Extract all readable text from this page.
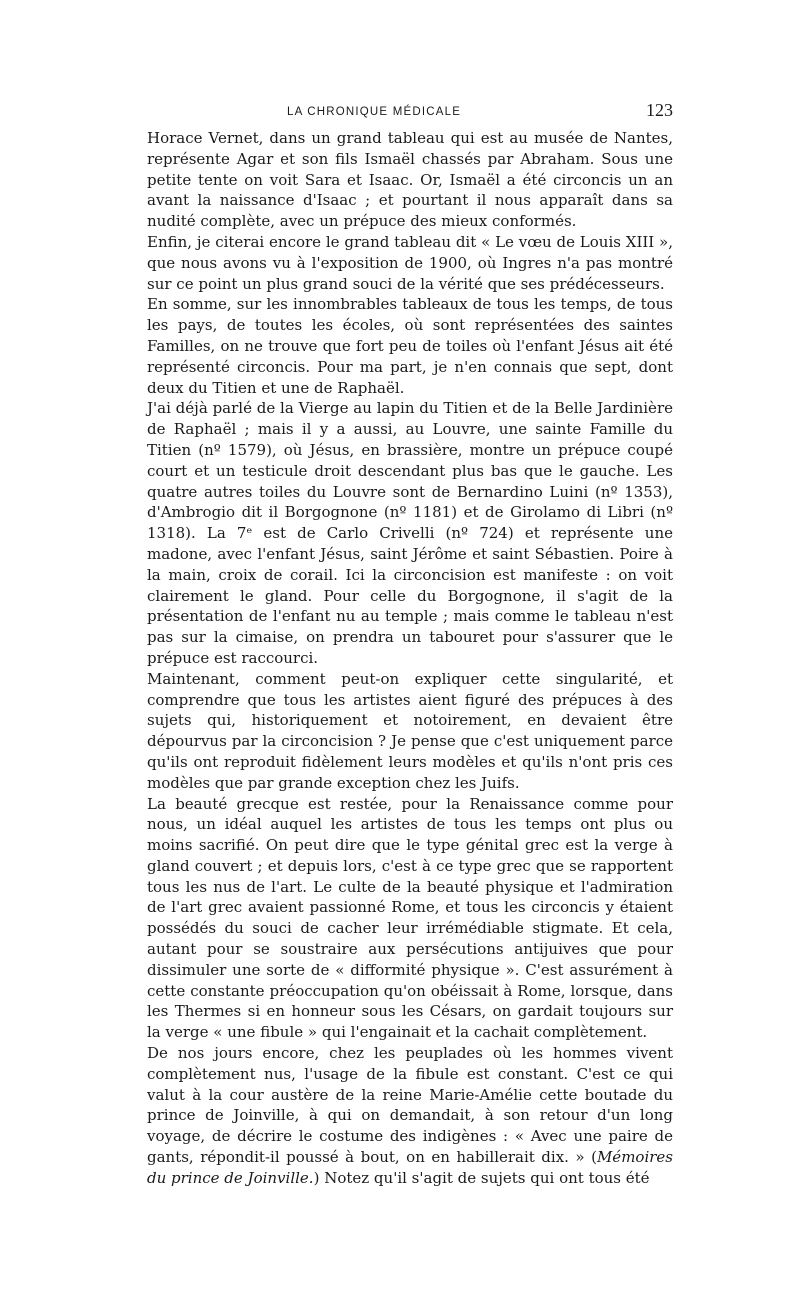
LA CHRONIQUE MÉDICALE	123

Horace Vernet, dans un grand tableau qui est au musée de Nantes, représente Agar et son fils Ismaël chassés par Abraham. Sous une petite tente on voit Sara et Isaac. Or, Ismaël a été circoncis un an avant la naissance d'Isaac ; et pourtant il nous apparaît dans sa nudité complète, avec un prépuce des mieux conformés.

Enfin, je citerai encore le grand tableau dit « Le vœu de Louis XIII », que nous avons vu à l'exposition de 1900, où Ingres n'a pas montré sur ce point un plus grand souci de la vérité que ses prédécesseurs.

En somme, sur les innombrables tableaux de tous les temps, de tous les pays, de toutes les écoles, où sont représentées des saintes Familles, on ne trouve que fort peu de toiles où l'enfant Jésus ait été représenté circoncis. Pour ma part, je n'en connais que sept, dont deux du Titien et une de Raphaël.

J'ai déjà parlé de la Vierge au lapin du Titien et de la Belle Jardinière de Raphaël ; mais il y a aussi, au Louvre, une sainte Famille du Titien (nº 1579), où Jésus, en brassière, montre un prépuce coupé court et un testicule droit descendant plus bas que le gauche. Les quatre autres toiles du Louvre sont de Bernardino Luini (nº 1353), d'Ambrogio dit il Borgognone (nº 1181) et de Girolamo di Libri (nº 1318). La 7ᵉ est de Carlo Crivelli (nº 724) et représente une madone, avec l'enfant Jésus, saint Jérôme et saint Sébastien. Poire à la main, croix de corail. Ici la circoncision est manifeste : on voit clairement le gland. Pour celle du Borgognone, il s'agit de la présentation de l'enfant nu au temple ; mais comme le tableau n'est pas sur la cimaise, on prendra un tabouret pour s'assurer que le prépuce est raccourci.

Maintenant, comment peut-on expliquer cette singularité, et comprendre que tous les artistes aient figuré des prépuces à des sujets qui, historiquement et notoirement, en devaient être dépourvus par la circoncision ? Je pense que c'est uniquement parce qu'ils ont reproduit fidèlement leurs modèles et qu'ils n'ont pris ces modèles que par grande exception chez les Juifs.

La beauté grecque est restée, pour la Renaissance comme pour nous, un idéal auquel les artistes de tous les temps ont plus ou moins sacrifié. On peut dire que le type génital grec est la verge à gland couvert ; et depuis lors, c'est à ce type grec que se rapportent tous les nus de l'art. Le culte de la beauté physique et l'admiration de l'art grec avaient passionné Rome, et tous les circoncis y étaient possédés du souci de cacher leur irrémédiable stigmate. Et cela, autant pour se soustraire aux persécutions antijuives que pour dissimuler une sorte de « difformité physique ». C'est assurément à cette constante préoccupation qu'on obéissait à Rome, lorsque, dans les Thermes si en honneur sous les Césars, on gardait toujours sur la verge « une fibule » qui l'engainait et la cachait complètement.

De nos jours encore, chez les peuplades où les hommes vivent complètement nus, l'usage de la fibule est constant. C'est ce qui valut à la cour austère de la reine Marie-Amélie cette boutade du prince de Joinville, à qui on demandait, à son retour d'un long voyage, de décrire le costume des indigènes : « Avec une paire de gants, répondit-il poussé à bout, on en habillerait dix. » (Mémoires du prince de Joinville.) Notez qu'il s'agit de sujets qui ont tous été
